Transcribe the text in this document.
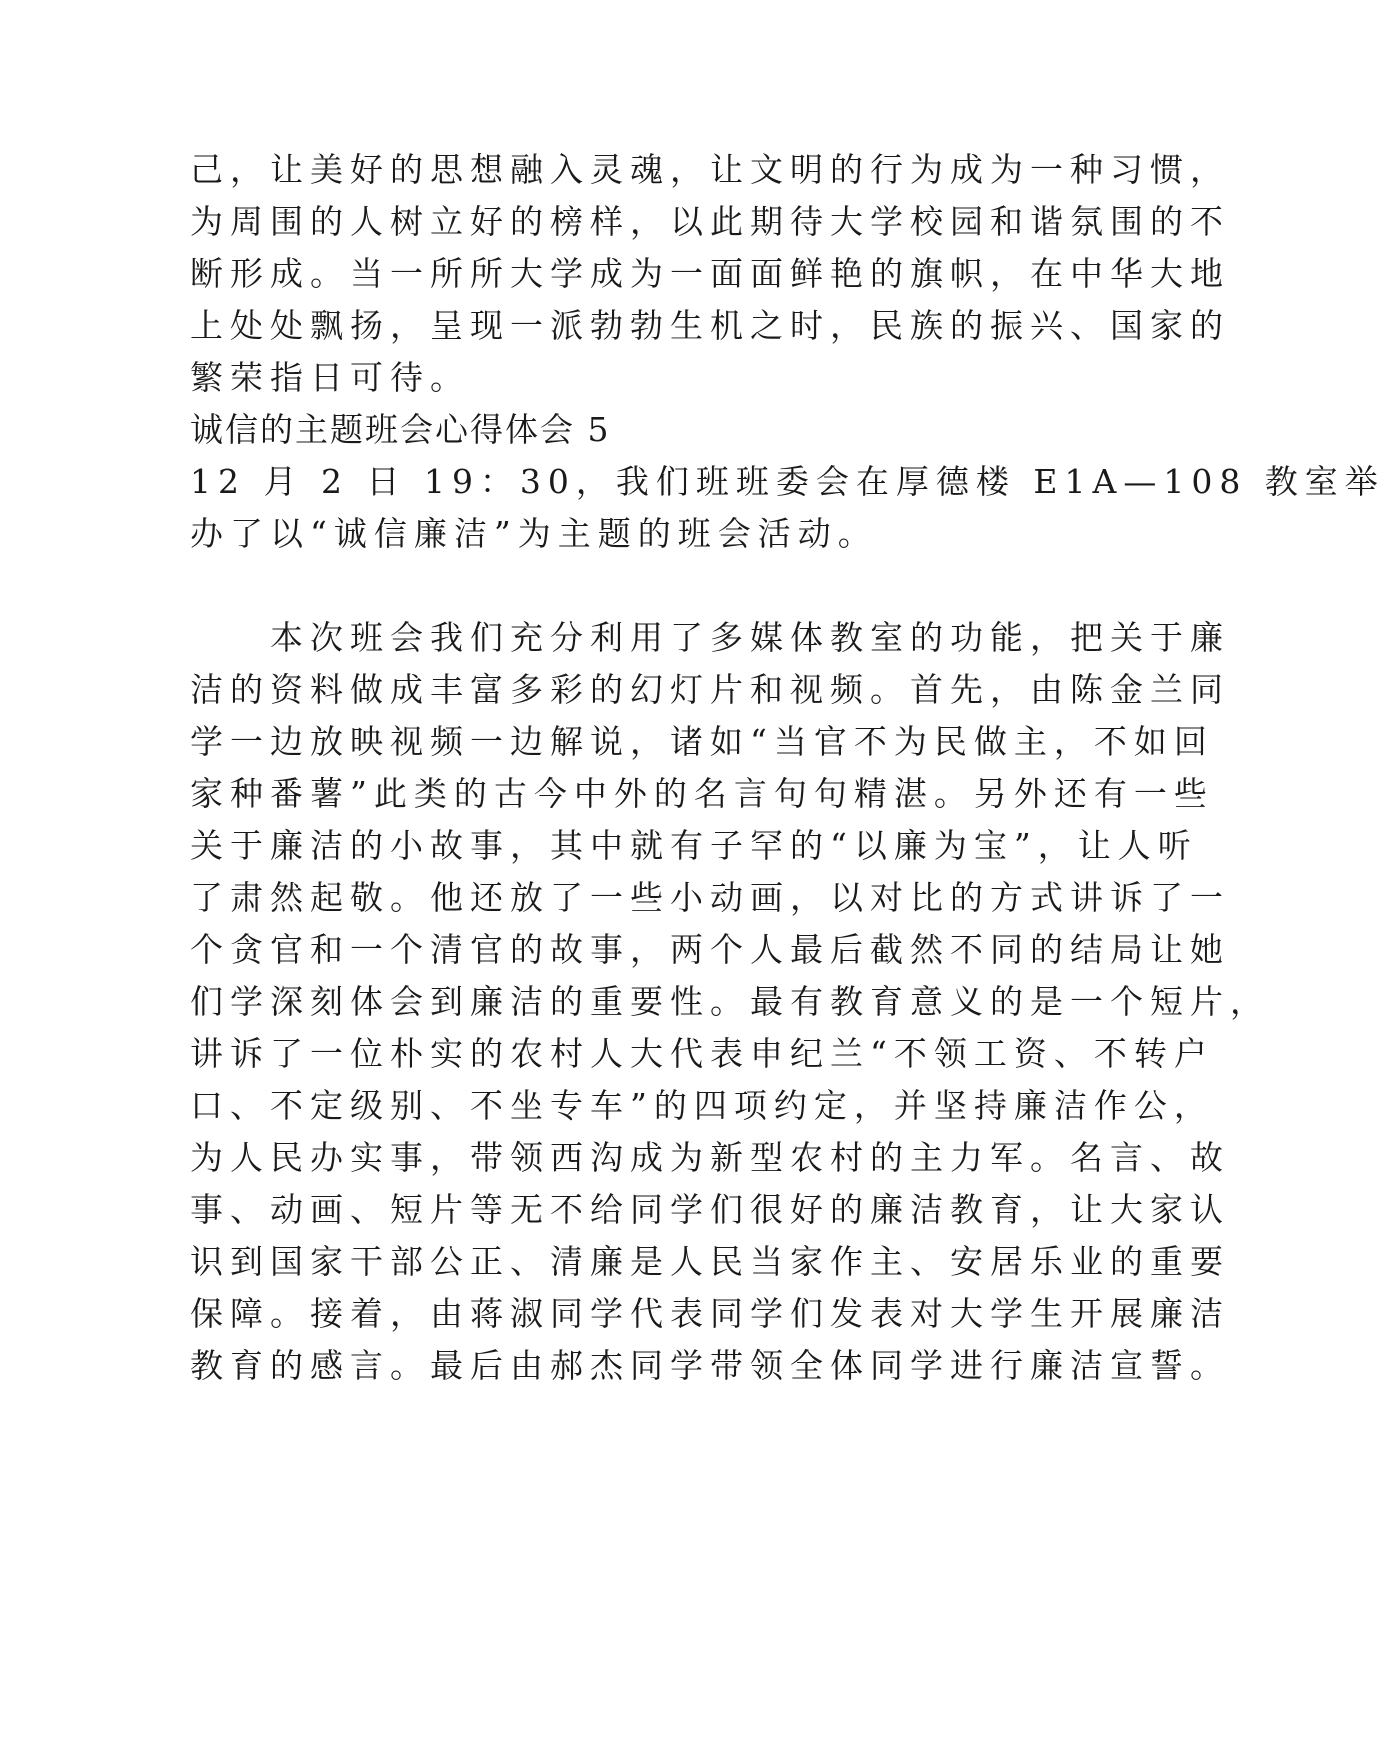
己，让美好的思想融入灵魂，让文明的行为成为一种习惯，
为周围的人树立好的榜样，以此期待大学校园和谐氛围的不
断形成。当一所所大学成为一面面鲜艳的旗帜，在中华大地
上处处飘扬，呈现一派勃勃生机之时，民族的振兴、国家的
繁荣指日可待。
诚信的主题班会心得体会 5
12 月 2 日 19：30，我们班班委会在厚德楼 E1A—108 教室举
办了以“诚信廉洁”为主题的班会活动。
　　本次班会我们充分利用了多媒体教室的功能，把关于廉
洁的资料做成丰富多彩的幻灯片和视频。首先，由陈金兰同
学一边放映视频一边解说，诸如“当官不为民做主，不如回
家种番薯”此类的古今中外的名言句句精湛。另外还有一些
关于廉洁的小故事，其中就有子罕的“以廉为宝”，让人听
了肃然起敬。他还放了一些小动画，以对比的方式讲诉了一
个贪官和一个清官的故事，两个人最后截然不同的结局让她
们学深刻体会到廉洁的重要性。最有教育意义的是一个短片，
讲诉了一位朴实的农村人大代表申纪兰“不领工资、不转户
口、不定级别、不坐专车”的四项约定，并坚持廉洁作公，
为人民办实事，带领西沟成为新型农村的主力军。名言、故
事、动画、短片等无不给同学们很好的廉洁教育，让大家认
识到国家干部公正、清廉是人民当家作主、安居乐业的重要
保障。接着，由蒋淑同学代表同学们发表对大学生开展廉洁
教育的感言。最后由郝杰同学带领全体同学进行廉洁宣誓。
